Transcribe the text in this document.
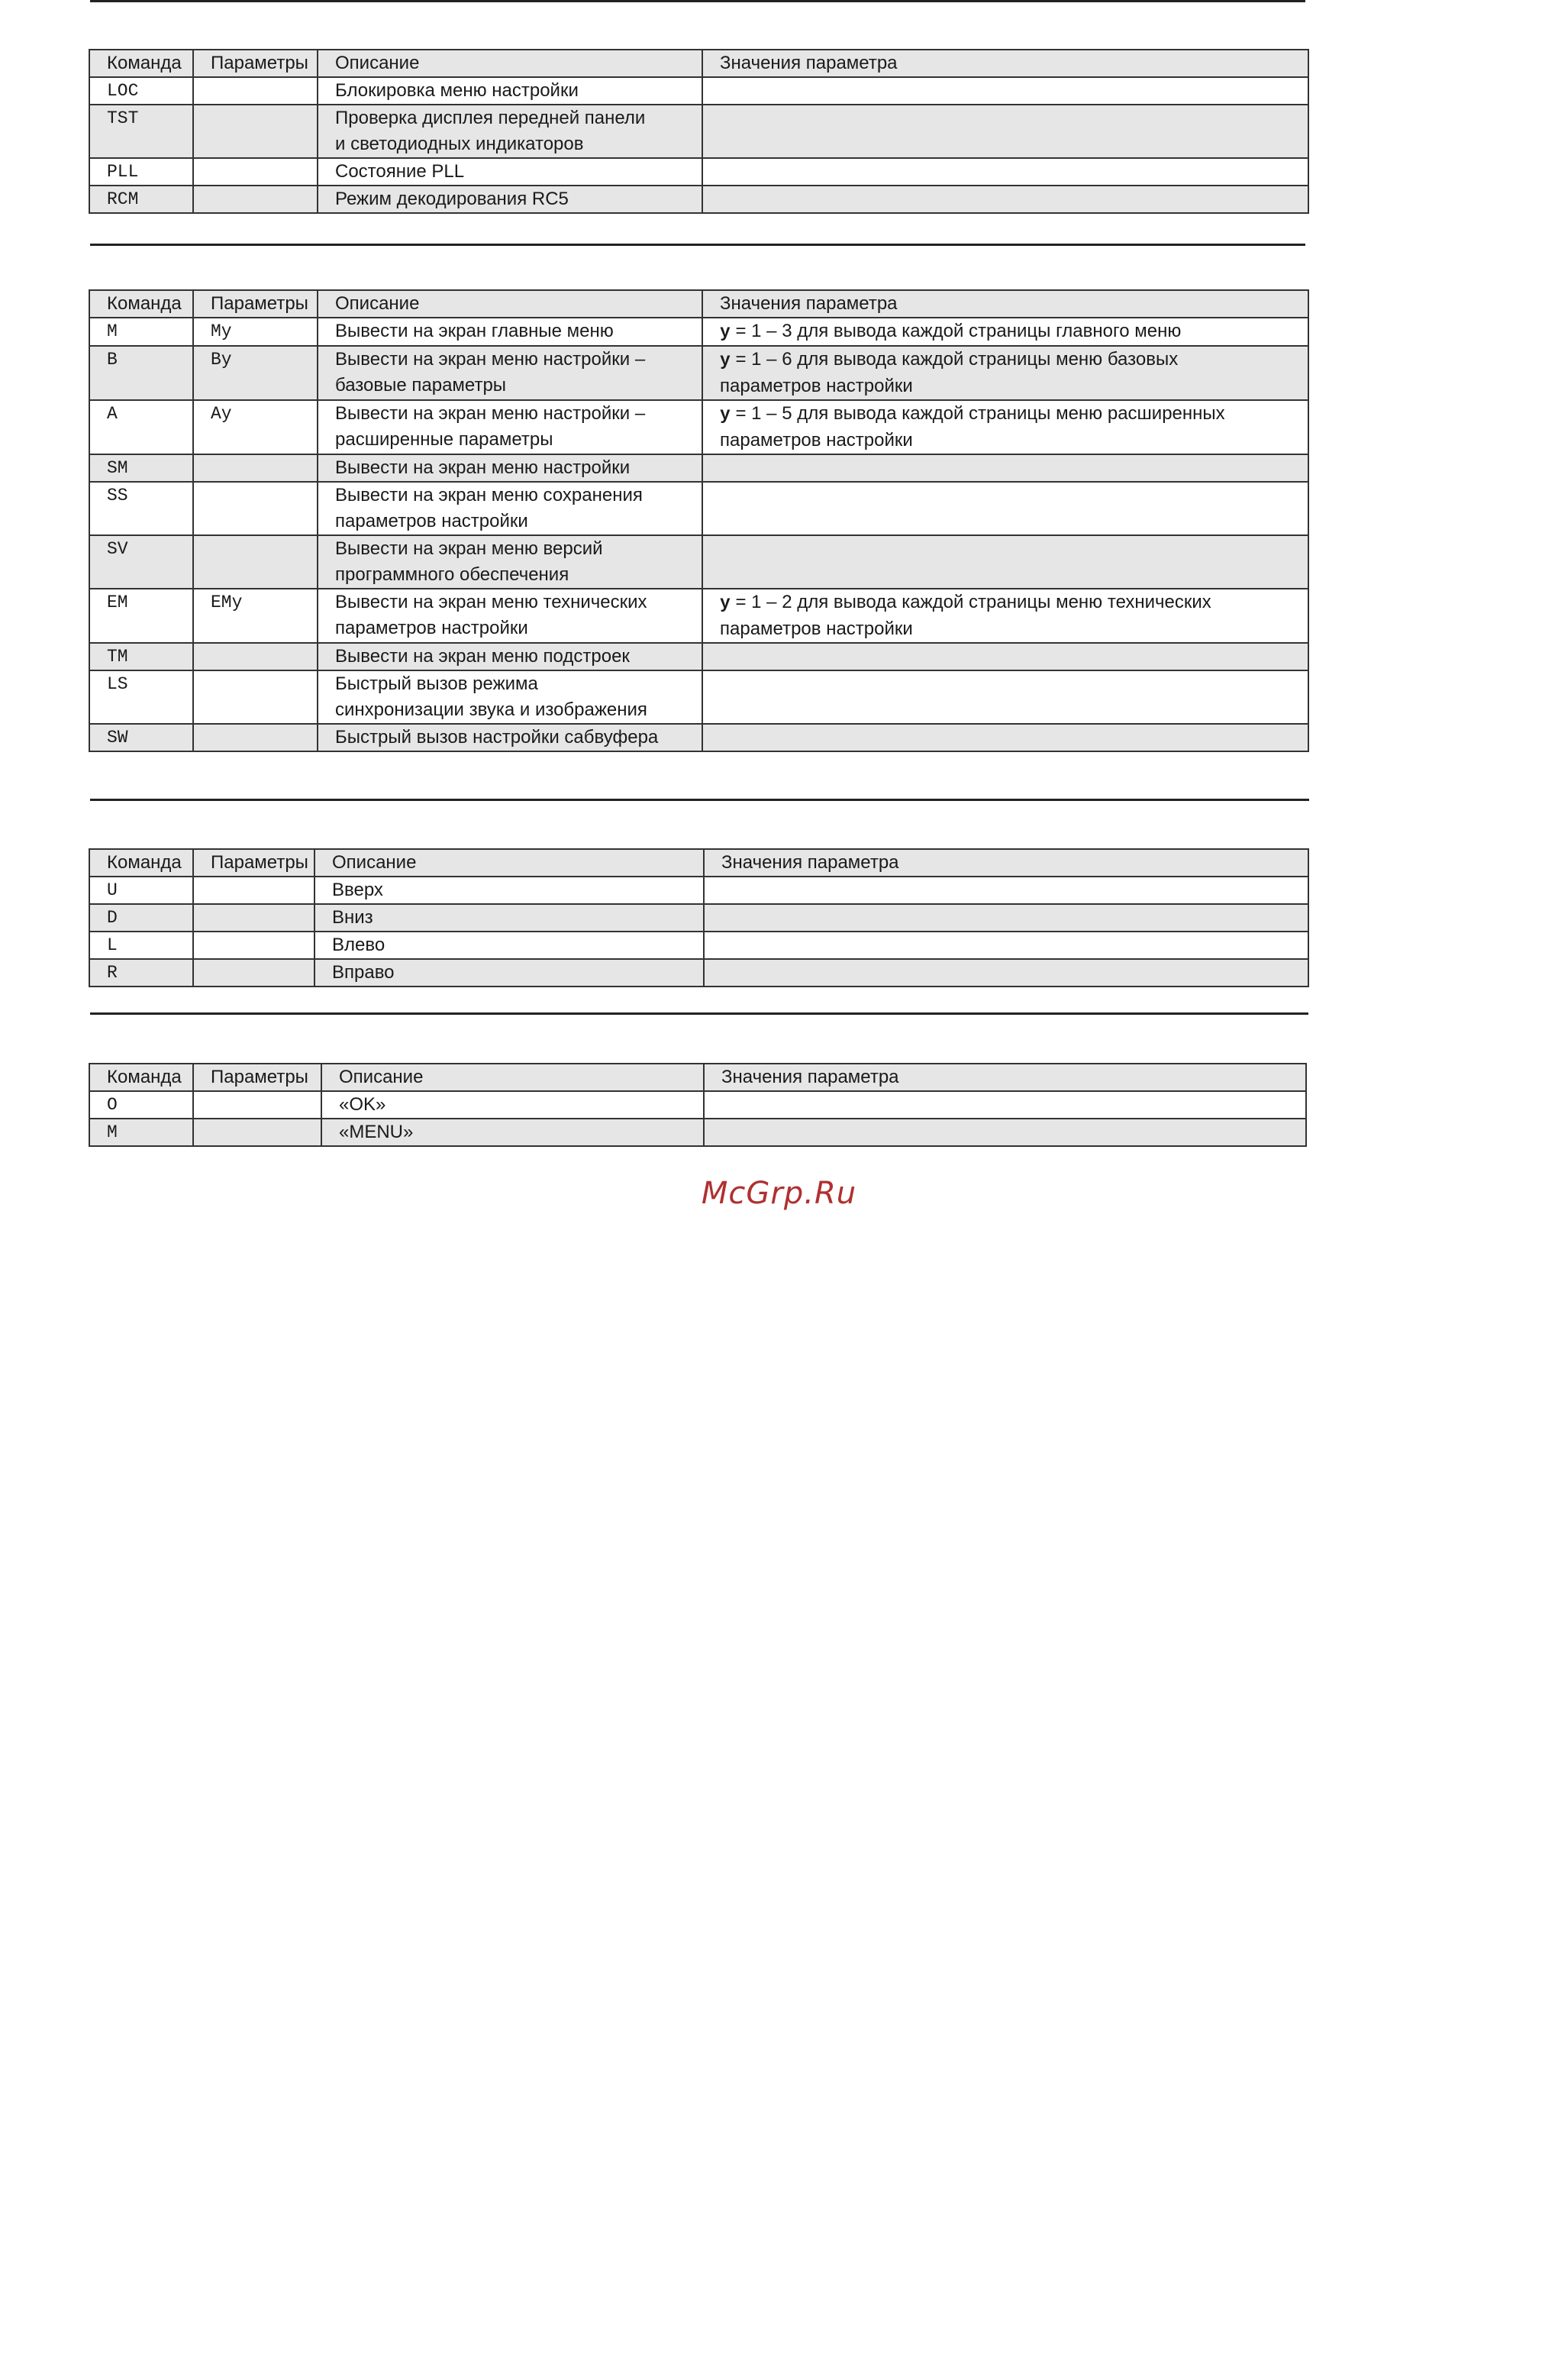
Команда	Параметры	Описание	Значения параметра
LOC		Блокировка меню настройки	
TST		Проверка дисплея передней панели и светодиодных индикаторов	
PLL		Состояние PLL	
RCM		Режим декодирования RC5	
Команда	Параметры	Описание	Значения параметра
M	My	Вывести на экран главные меню	y = 1 – 3 для вывода каждой страницы главного меню
B	By	Вывести на экран меню настройки – базовые параметры	y = 1 – 6 для вывода каждой страницы меню базовых параметров настройки
A	Ay	Вывести на экран меню настройки – расширенные параметры	y = 1 – 5 для вывода каждой страницы меню расширенных параметров настройки
SM		Вывести на экран меню настройки	
SS		Вывести на экран меню сохранения параметров настройки	
SV		Вывести на экран меню версий программного обеспечения	
EM	EMy	Вывести на экран меню технических параметров настройки	y = 1 – 2 для вывода каждой страницы меню технических параметров настройки
TM		Вывести на экран меню подстроек	
LS		Быстрый вызов режима синхронизации звука и изображения	
SW		Быстрый вызов настройки сабвуфера	
Команда	Параметры	Описание	Значения параметра
U		Вверх	
D		Вниз	
L		Влево	
R		Вправо	
Команда	Параметры	Описание	Значения параметра
O		«OK»	
M		«MENU»	
McGrp.Ru
